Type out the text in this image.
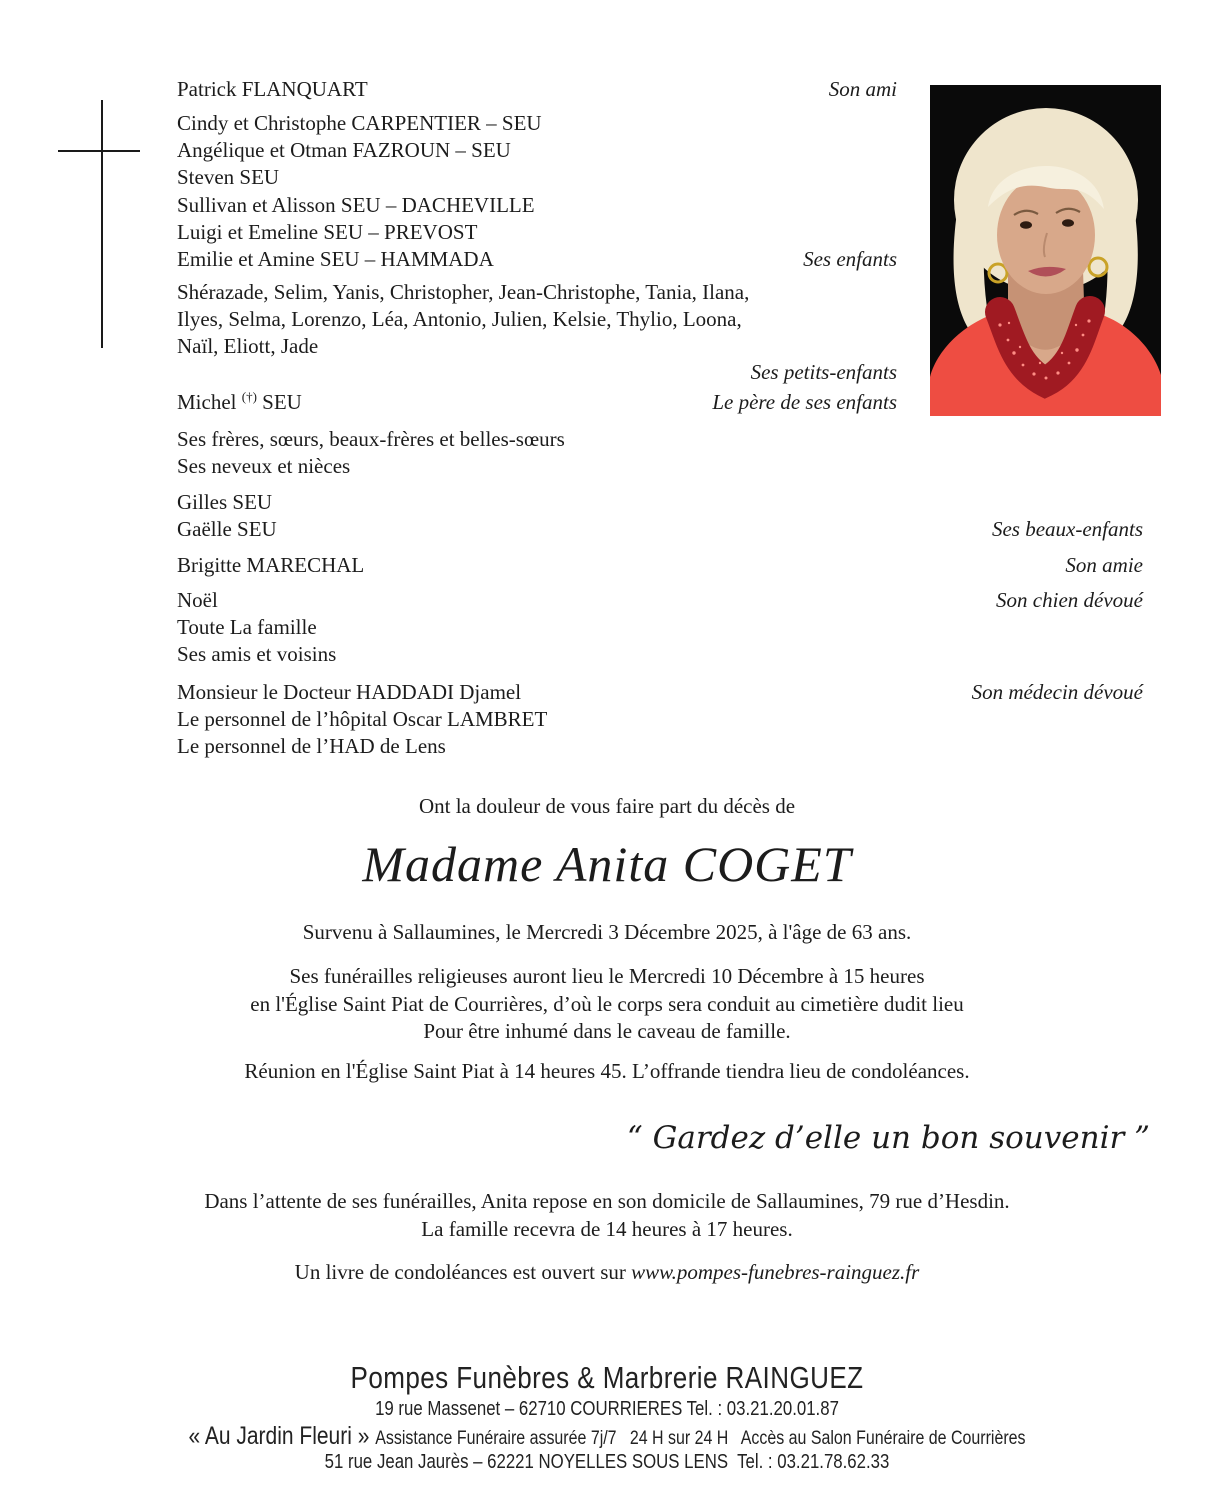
Patrick FLANQUART	Son ami
Cindy et Christophe CARPENTIER – SEU
Angélique et Otman FAZROUN – SEU
Steven SEU
Sullivan et Alisson SEU – DACHEVILLE
Luigi et Emeline SEU – PREVOST
Emilie et Amine SEU – HAMMADA	Ses enfants
Shérazade, Selim, Yanis, Christopher, Jean-Christophe, Tania, Ilana,
Ilyes, Selma, Lorenzo, Léa, Antonio, Julien, Kelsie, Thylio, Loona,
Naïl, Eliott, Jade
Ses petits-enfants
Michel (†) SEU	Le père de ses enfants
Ses frères, sœurs, beaux-frères et belles-sœurs
Ses neveux et nièces
Gilles SEU
Gaëlle SEU	Ses beaux-enfants
Brigitte MARECHAL	Son amie
Noël	Son chien dévoué
Toute La famille
Ses amis et voisins
Monsieur le Docteur HADDADI Djamel	Son médecin dévoué
Le personnel de l’hôpital Oscar LAMBRET
Le personnel de l’HAD de Lens
Ont la douleur de vous faire part du décès de
Madame Anita COGET
Survenu à Sallaumines, le Mercredi 3 Décembre 2025, à l'âge de 63 ans.
Ses funérailles religieuses auront lieu le Mercredi 10 Décembre à 15 heures
en l'Église Saint Piat de Courrières, d’où le corps sera conduit au cimetière dudit lieu
Pour être inhumé dans le caveau de famille.
Réunion en l'Église Saint Piat à 14 heures 45. L’offrande tiendra lieu de condoléances.
“ Gardez d’elle un bon souvenir ”
Dans l’attente de ses funérailles, Anita repose en son domicile de Sallaumines, 79 rue d’Hesdin.
La famille recevra de 14 heures à 17 heures.
Un livre de condoléances est ouvert sur www.pompes-funebres-rainguez.fr
Pompes Funèbres & Marbrerie RAINGUEZ
19 rue Massenet – 62710 COURRIERES Tel. : 03.21.20.01.87
« Au Jardin Fleuri » Assistance Funéraire assurée 7j/7   24 H sur 24 H   Accès au Salon Funéraire de Courrières
51 rue Jean Jaurès – 62221 NOYELLES SOUS LENS  Tel. : 03.21.78.62.33
